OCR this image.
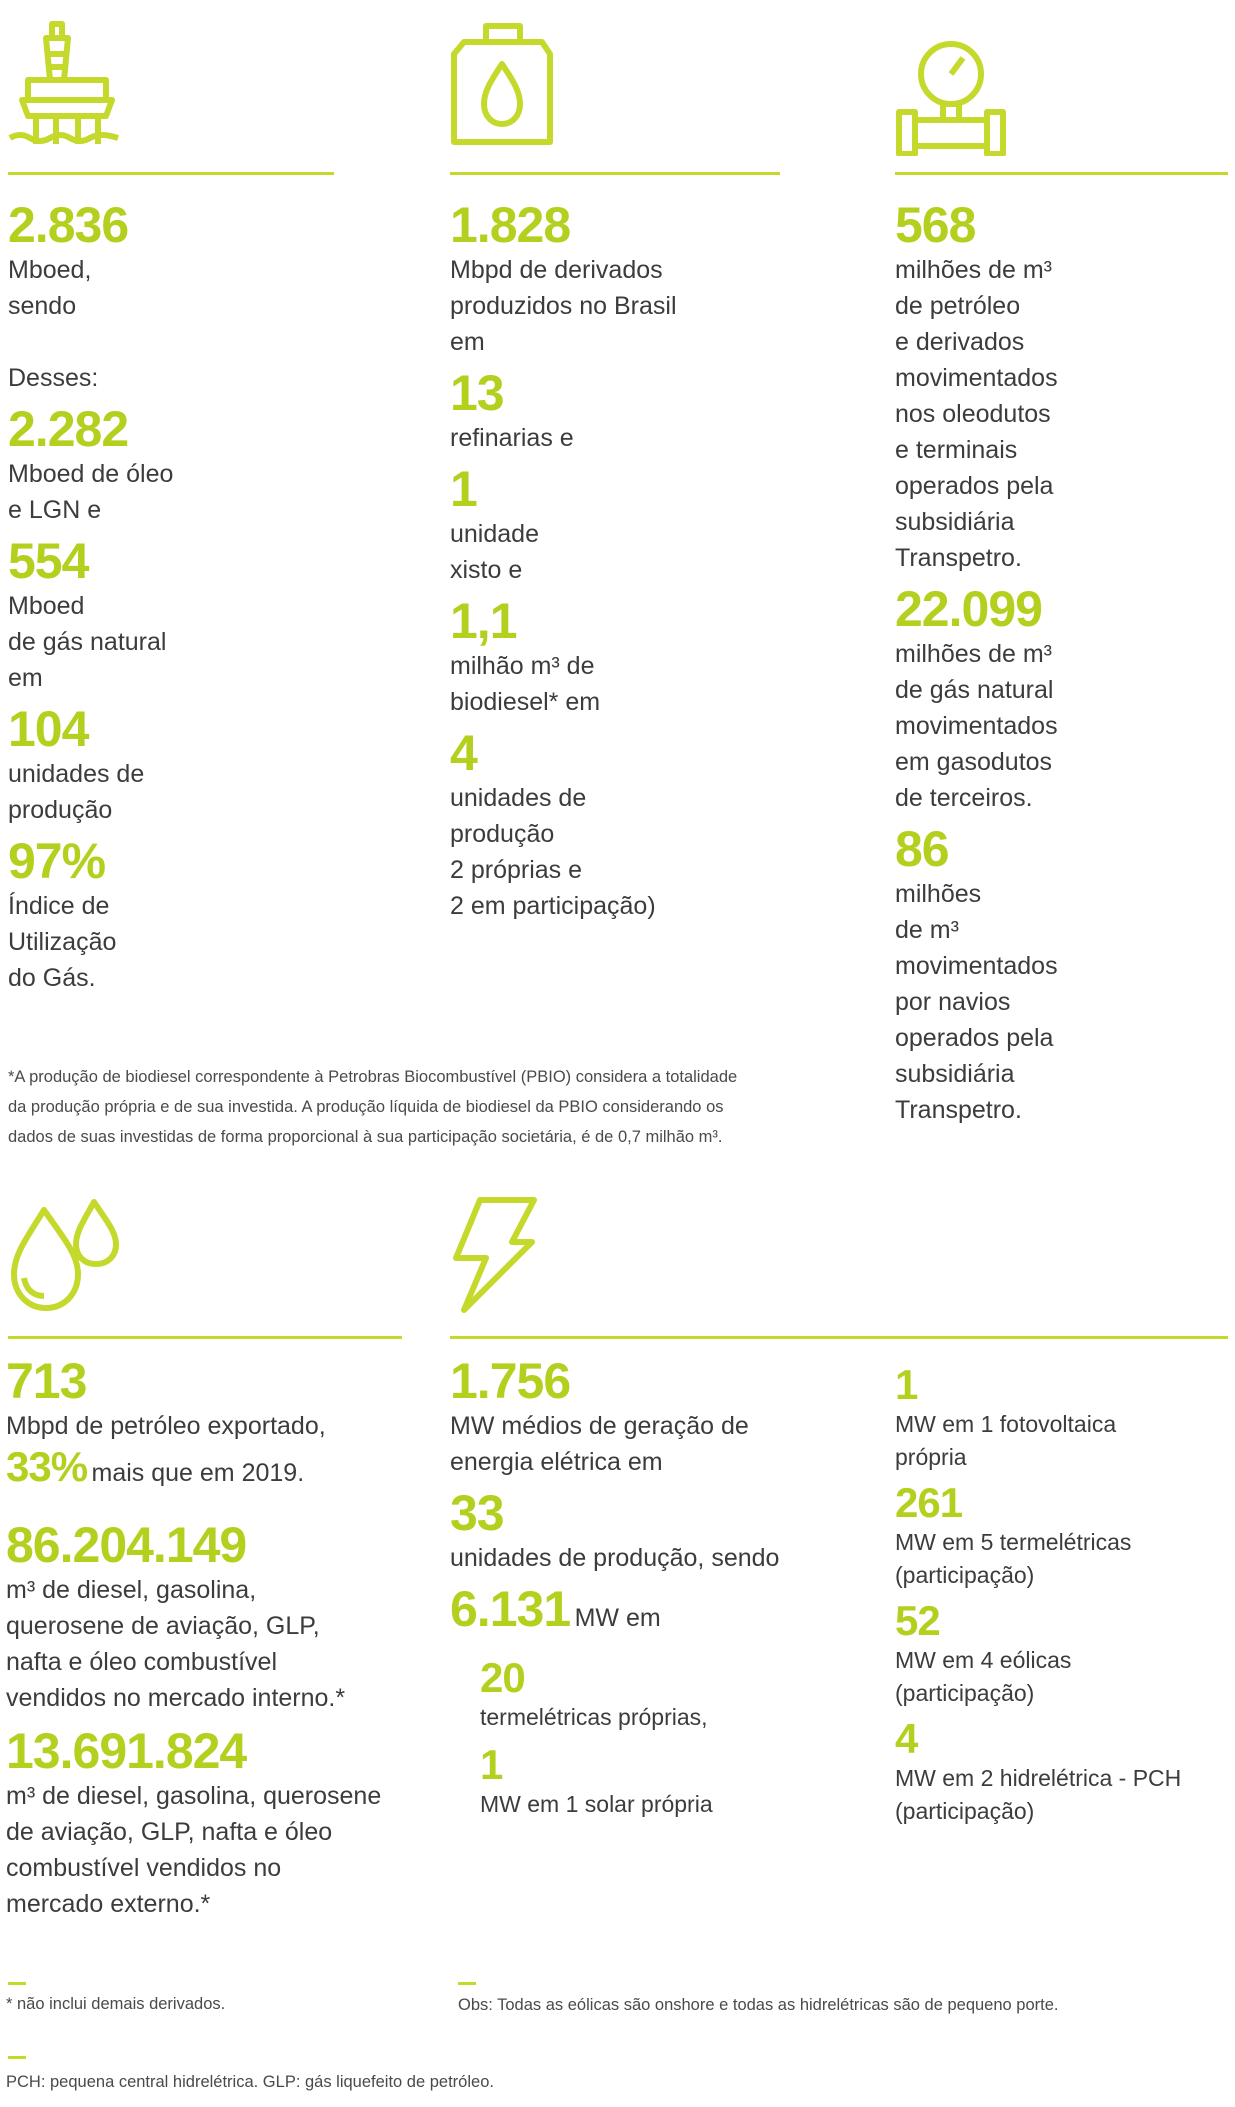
2.836
Mboed,
sendo
Desses:
2.282
Mboed de óleo
e LGN e
554
Mboed
de gás natural
em
104
unidades de
produção
97%
Índice de
Utilização
do Gás.
1.828
Mbpd de derivados
produzidos no Brasil
em
13
refinarias e
1
unidade
xisto e
1,1
milhão m³ de
biodiesel* em
4
unidades de
produção
2 próprias e
2 em participação)
568
milhões de m³
de petróleo
e derivados
movimentados
nos oleodutos
e terminais
operados pela
subsidiária
Transpetro.
22.099
milhões de m³
de gás natural
movimentados
em gasodutos
de terceiros.
86
milhões
de m³
movimentados
por navios
operados pela
subsidiária
Transpetro.
*A produção de biodiesel correspondente à Petrobras Biocombustível (PBIO) considera a totalidade
da produção própria e de sua investida. A produção líquida de biodiesel da PBIO considerando os
dados de suas investidas de forma proporcional à sua participação societária, é de 0,7 milhão m³.
713
Mbpd de petróleo exportado,
33% mais que em 2019.
86.204.149
m³ de diesel, gasolina,
querosene de aviação, GLP,
nafta e óleo combustível
vendidos no mercado interno.*
13.691.824
m³ de diesel, gasolina, querosene
de aviação, GLP, nafta e óleo
combustível vendidos no
mercado externo.*
1.756
MW médios de geração de
energia elétrica em
33
unidades de produção, sendo
6.131 MW em
20
termelétricas próprias,
1
MW em 1 solar própria
1
MW em 1 fotovoltaica
própria
261
MW em 5 termelétricas
(participação)
52
MW em 4 eólicas
(participação)
4
MW em 2 hidrelétrica - PCH
(participação)
* não inclui demais derivados.	Obs: Todas as eólicas são onshore e todas as hidrelétricas são de pequeno porte.
PCH: pequena central hidrelétrica. GLP: gás liquefeito de petróleo.
